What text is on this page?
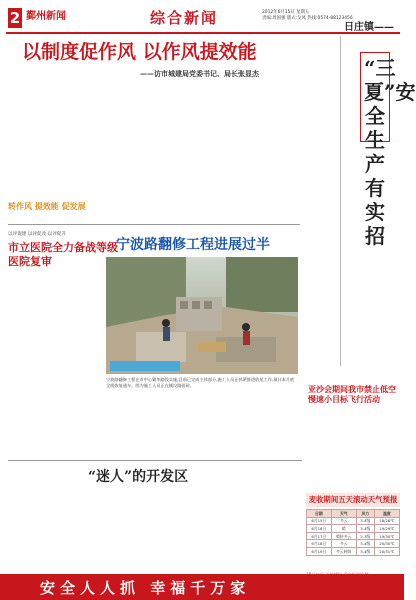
2 鄞州新闻	综合新闻	2012年6月15日 星期五
责编:周国强 版式:戈凤 热线:0574-88123456
以制度促作风 以作风提效能
——访市城建局党委书记、局长张显杰
转作风 提效能 促发展
以评促建 以评促改 以评促升
市立医院全力备战等级医院复审
宁波路翻修工程进展过半
宁波路翻修工程在市中心繁华路段实施,目前已完成主体部分,施工人员正抓紧推进收尾工作,预计本月底全线恢复通车。图为施工人员正在铺设路面砖。
日庄镇——
“三夏”安全生产有实招
亚沙会期间我市禁止低空慢速小目标飞行活动
麦收期间五天滚动天气预报
日期	天气	风力	温度
6月15日	多云	3-4级	18/28℃
6月16日	晴	3-4级	19/29℃
6月17日	晴转多云	2-3级	19/30℃
6月18日	多云	3-4级	20/30℃
6月19日	多云转阴	3-4级	20/31℃
“迷人”的开发区
安全人人抓 幸福千万家
